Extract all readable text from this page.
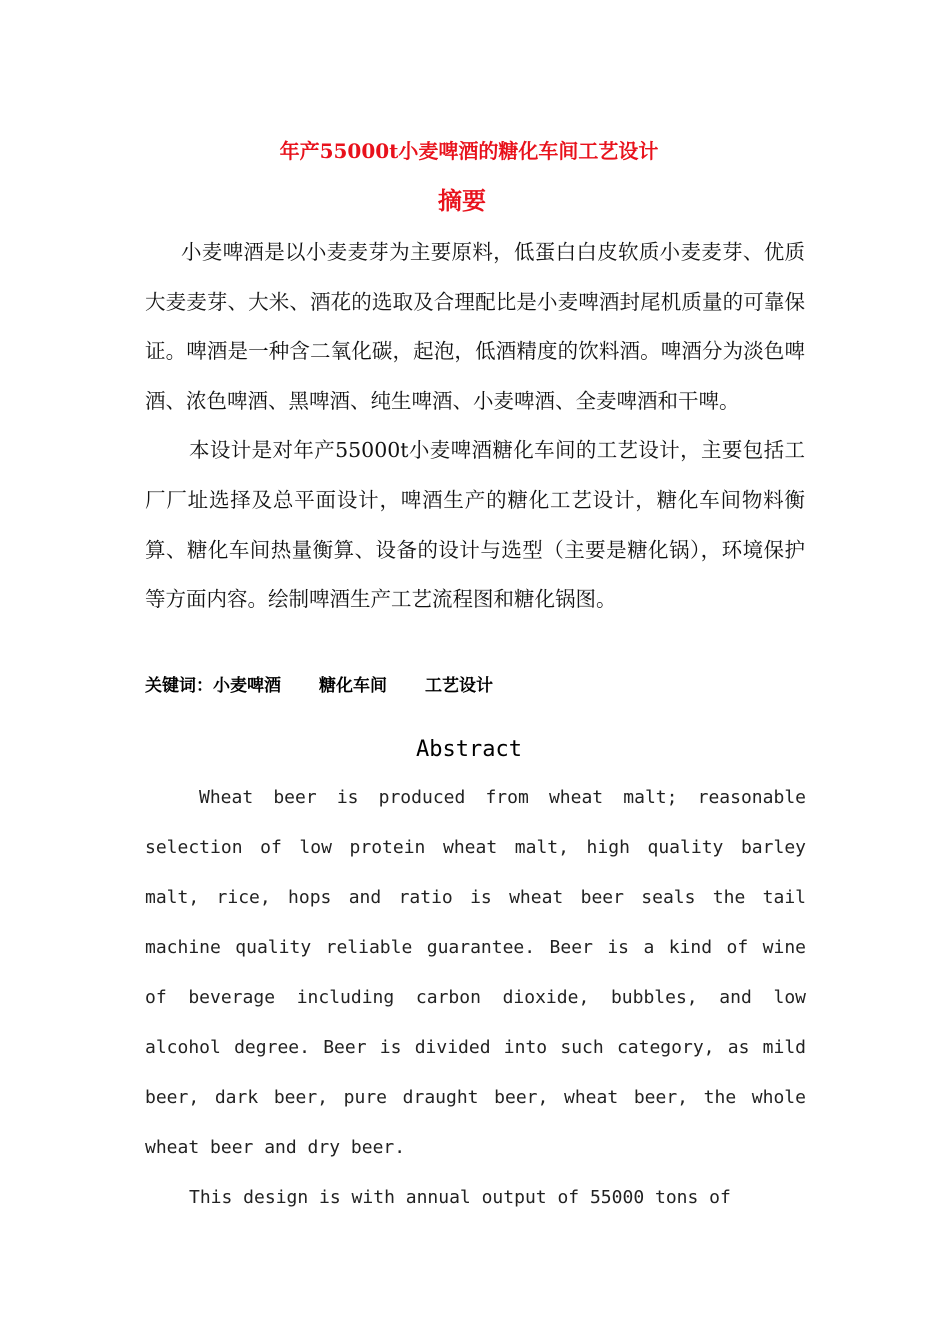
年产55000t小麦啤酒的糖化车间工艺设计
摘要

小麦啤酒是以小麦麦芽为主要原料，低蛋白白皮软质小麦麦芽、优质大麦麦芽、大米、酒花的选取及合理配比是小麦啤酒封尾机质量的可靠保证。啤酒是一种含二氧化碳，起泡，低酒精度的饮料酒。啤酒分为淡色啤酒、浓色啤酒、黑啤酒、纯生啤酒、小麦啤酒、全麦啤酒和干啤。

本设计是对年产55000t小麦啤酒糖化车间的工艺设计，主要包括工厂厂址选择及总平面设计，啤酒生产的糖化工艺设计，糖化车间物料衡算、糖化车间热量衡算、设备的设计与选型（主要是糖化锅），环境保护等方面内容。绘制啤酒生产工艺流程图和糖化锅图。

关键词：小麦啤酒 糖化车间 工艺设计
Abstract

Wheat beer is produced from wheat malt; reasonable selection of low protein wheat malt, high quality barley malt, rice, hops and ratio is wheat beer seals the tail machine quality reliable guarantee. Beer is a kind of wine of beverage including carbon dioxide, bubbles, and low alcohol degree. Beer is divided into such category, as mild beer, dark beer, pure draught beer, wheat beer, the whole wheat beer and dry beer.

This design is with annual output of 55000 tons of
